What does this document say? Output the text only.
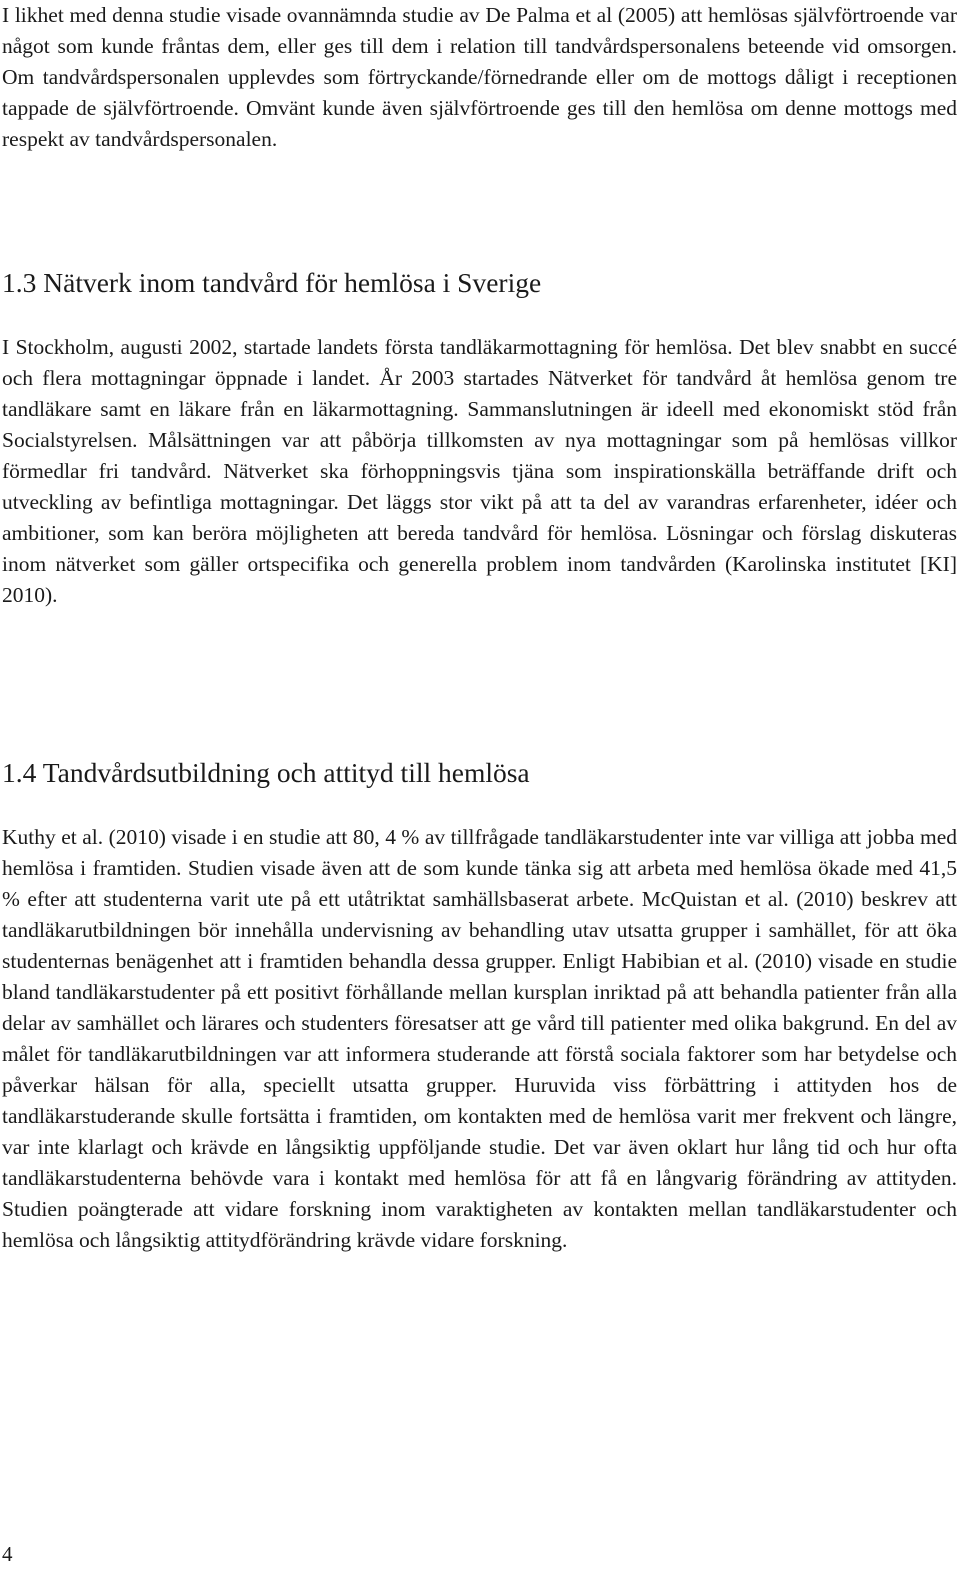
I likhet med denna studie visade ovannämnda studie av De Palma et al (2005) att hemlösas självförtroende var något som kunde fråntas dem, eller ges till dem i relation till tandvårdspersonalens beteende vid omsorgen. Om tandvårdspersonalen upplevdes som förtryckande/förnedrande eller om de mottogs dåligt i receptionen tappade de självförtroende. Omvänt kunde även självförtroende ges till den hemlösa om denne mottogs med respekt av tandvårdspersonalen.

1.3 Nätverk inom tandvård för hemlösa i Sverige

I Stockholm, augusti 2002, startade landets första tandläkarmottagning för hemlösa. Det blev snabbt en succé och flera mottagningar öppnade i landet. År 2003 startades Nätverket för tandvård åt hemlösa genom tre tandläkare samt en läkare från en läkarmottagning. Sammanslutningen är ideell med ekonomiskt stöd från Socialstyrelsen. Målsättningen var att påbörja tillkomsten av nya mottagningar som på hemlösas villkor förmedlar fri tandvård. Nätverket ska förhoppningsvis tjäna som inspirationskälla beträffande drift och utveckling av befintliga mottagningar. Det läggs stor vikt på att ta del av varandras erfarenheter, idéer och ambitioner, som kan beröra möjligheten att bereda tandvård för hemlösa. Lösningar och förslag diskuteras inom nätverket som gäller ortspecifika och generella problem inom tandvården (Karolinska institutet [KI] 2010).

1.4 Tandvårdsutbildning och attityd till hemlösa

Kuthy et al. (2010) visade i en studie att 80, 4 % av tillfrågade tandläkarstudenter inte var villiga att jobba med hemlösa i framtiden. Studien visade även att de som kunde tänka sig att arbeta med hemlösa ökade med 41,5 % efter att studenterna varit ute på ett utåtriktat samhällsbaserat arbete. McQuistan et al. (2010) beskrev att tandläkarutbildningen bör innehålla undervisning av behandling utav utsatta grupper i samhället, för att öka studenternas benägenhet att i framtiden behandla dessa grupper. Enligt Habibian et al. (2010) visade en studie bland tandläkarstudenter på ett positivt förhållande mellan kursplan inriktad på att behandla patienter från alla delar av samhället och lärares och studenters föresatser att ge vård till patienter med olika bakgrund. En del av målet för tandläkarutbildningen var att informera studerande att förstå sociala faktorer som har betydelse och påverkar hälsan för alla, speciellt utsatta grupper. Huruvida viss förbättring i attityden hos de tandläkarstuderande skulle fortsätta i framtiden, om kontakten med de hemlösa varit mer frekvent och längre, var inte klarlagt och krävde en långsiktig uppföljande studie. Det var även oklart hur lång tid och hur ofta tandläkarstudenterna behövde vara i kontakt med hemlösa för att få en långvarig förändring av attityden. Studien poängterade att vidare forskning inom varaktigheten av kontakten mellan tandläkarstudenter och hemlösa och långsiktig attitydförändring krävde vidare forskning.

4
